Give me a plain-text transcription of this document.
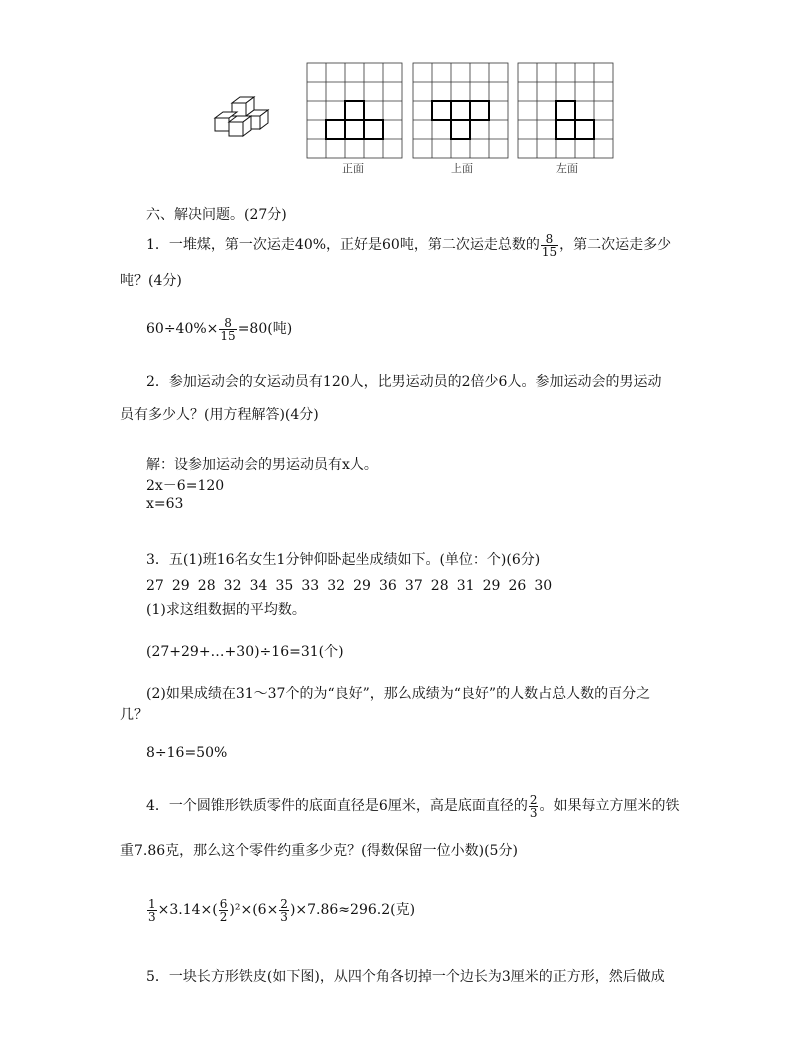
正面	上面	左面
六、解决问题。(27分)
1．一堆煤，第一次运走40%，正好是60吨，第二次运走总数的 $\frac{8}{15}$ ，第二次运走多少
吨？(4分)
$60\div 40\%\times \frac{8}{15} =80$(吨)
2．参加运动会的女运动员有120人，比男运动员的2倍少6人。参加运动会的男运动
员有多少人？(用方程解答)(4分)
解：设参加运动会的男运动员有x人。
2x－6=120
x=63
3．五(1)班16名女生1分钟仰卧起坐成绩如下。(单位：个)(6分)
27 29 28 32 34 35 33 32 29 36 37 28 31 29 26 30
(1)求这组数据的平均数。
(27+29+…+30)÷16=31(个)
(2)如果成绩在31～37个的为“良好”，那么成绩为“良好”的人数占总人数的百分之
几？
8÷16=50%
4．一个圆锥形铁质零件的底面直径是6厘米，高是底面直径的 $\frac{2}{3}$ 。如果每立方厘米的铁
重7.86克，那么这个零件约重多少克？(得数保留一位小数)(5分)
$\frac{1}{3} \times 3.14\times( \frac{6}{2} )^2\times(6\times \frac{2}{3} )\times 7.86\approx 296.2$(克)
5．一块长方形铁皮(如下图)，从四个角各切掉一个边长为3厘米的正方形，然后做成
